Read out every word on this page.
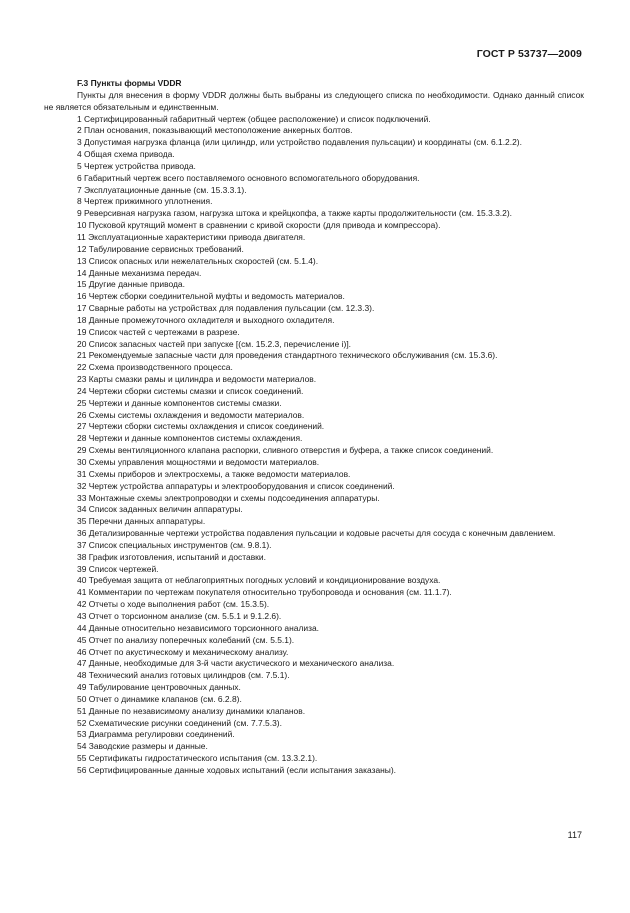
ГОСТ Р 53737—2009

F.3 Пункты формы VDDR

Пункты для внесения в форму VDDR должны быть выбраны из следующего списка по необходимости. Однако данный список не является обязательным и единственным.

1 Сертифицированный габаритный чертеж (общее расположение) и список подключений.

2 План основания, показывающий местоположение анкерных болтов.

3 Допустимая нагрузка фланца (или цилиндр, или устройство подавления пульсации) и координаты (см. 6.1.2.2).

4 Общая схема привода.

5 Чертеж устройства привода.

6 Габаритный чертеж всего поставляемого основного вспомогательного оборудования.

7 Эксплуатационные данные (см. 15.3.3.1).

8 Чертеж прижимного уплотнения.

9 Реверсивная нагрузка газом, нагрузка штока и крейцкопфа, а также карты продолжительности (см. 15.3.3.2).

10 Пусковой крутящий момент в сравнении с кривой скорости (для привода и компрессора).

11 Эксплуатационные характеристики привода двигателя.

12 Табулирование сервисных требований.

13 Список опасных или нежелательных скоростей (см. 5.1.4).

14 Данные механизма передач.

15 Другие данные привода.

16 Чертеж сборки соединительной муфты и ведомость материалов.

17 Сварные работы на устройствах для подавления пульсации (см. 12.3.3).

18 Данные промежуточного охладителя и выходного охладителя.

19 Список частей с чертежами в разрезе.

20 Список запасных частей при запуске [(см. 15.2.3, перечисление i)].

21 Рекомендуемые запасные части для проведения стандартного технического обслуживания (см. 15.3.6).

22 Схема производственного процесса.

23 Карты смазки рамы и цилиндра и ведомости материалов.

24 Чертежи сборки системы смазки и список соединений.

25 Чертежи и данные компонентов системы смазки.

26 Схемы системы охлаждения и ведомости материалов.

27 Чертежи сборки системы охлаждения и список соединений.

28 Чертежи и данные компонентов системы охлаждения.

29 Схемы вентиляционного клапана распорки, сливного отверстия и буфера, а также список соединений.

30 Схемы управления мощностями и ведомости материалов.

31 Схемы приборов и электросхемы, а также ведомости материалов.

32 Чертеж устройства аппаратуры и электрооборудования и список соединений.

33 Монтажные схемы электропроводки и схемы подсоединения аппаратуры.

34 Список заданных величин аппаратуры.

35 Перечни данных аппаратуры.

36 Детализированные чертежи устройства подавления пульсации и кодовые расчеты для сосуда с конечным давлением.

37 Список специальных инструментов (см. 9.8.1).

38 График изготовления, испытаний и доставки.

39 Список чертежей.

40 Требуемая защита от неблагоприятных погодных условий и кондиционирование воздуха.

41 Комментарии по чертежам покупателя относительно трубопровода и основания (см. 11.1.7).

42 Отчеты о ходе выполнения работ (см. 15.3.5).

43 Отчет о торсионном анализе (см. 5.5.1 и 9.1.2.6).

44 Данные относительно независимого торсионного анализа.

45 Отчет по анализу поперечных колебаний (см. 5.5.1).

46 Отчет по акустическому и механическому анализу.

47 Данные, необходимые для 3-й части акустического и механического анализа.

48 Технический анализ готовых цилиндров (см. 7.5.1).

49 Табулирование центровочных данных.

50 Отчет о динамике клапанов (см. 6.2.8).

51 Данные по независимому анализу динамики клапанов.

52 Схематические рисунки соединений (см. 7.7.5.3).

53 Диаграмма регулировки соединений.

54 Заводские размеры и данные.

55 Сертификаты гидростатического испытания (см. 13.3.2.1).

56 Сертифицированные данные ходовых испытаний (если испытания заказаны).

117
